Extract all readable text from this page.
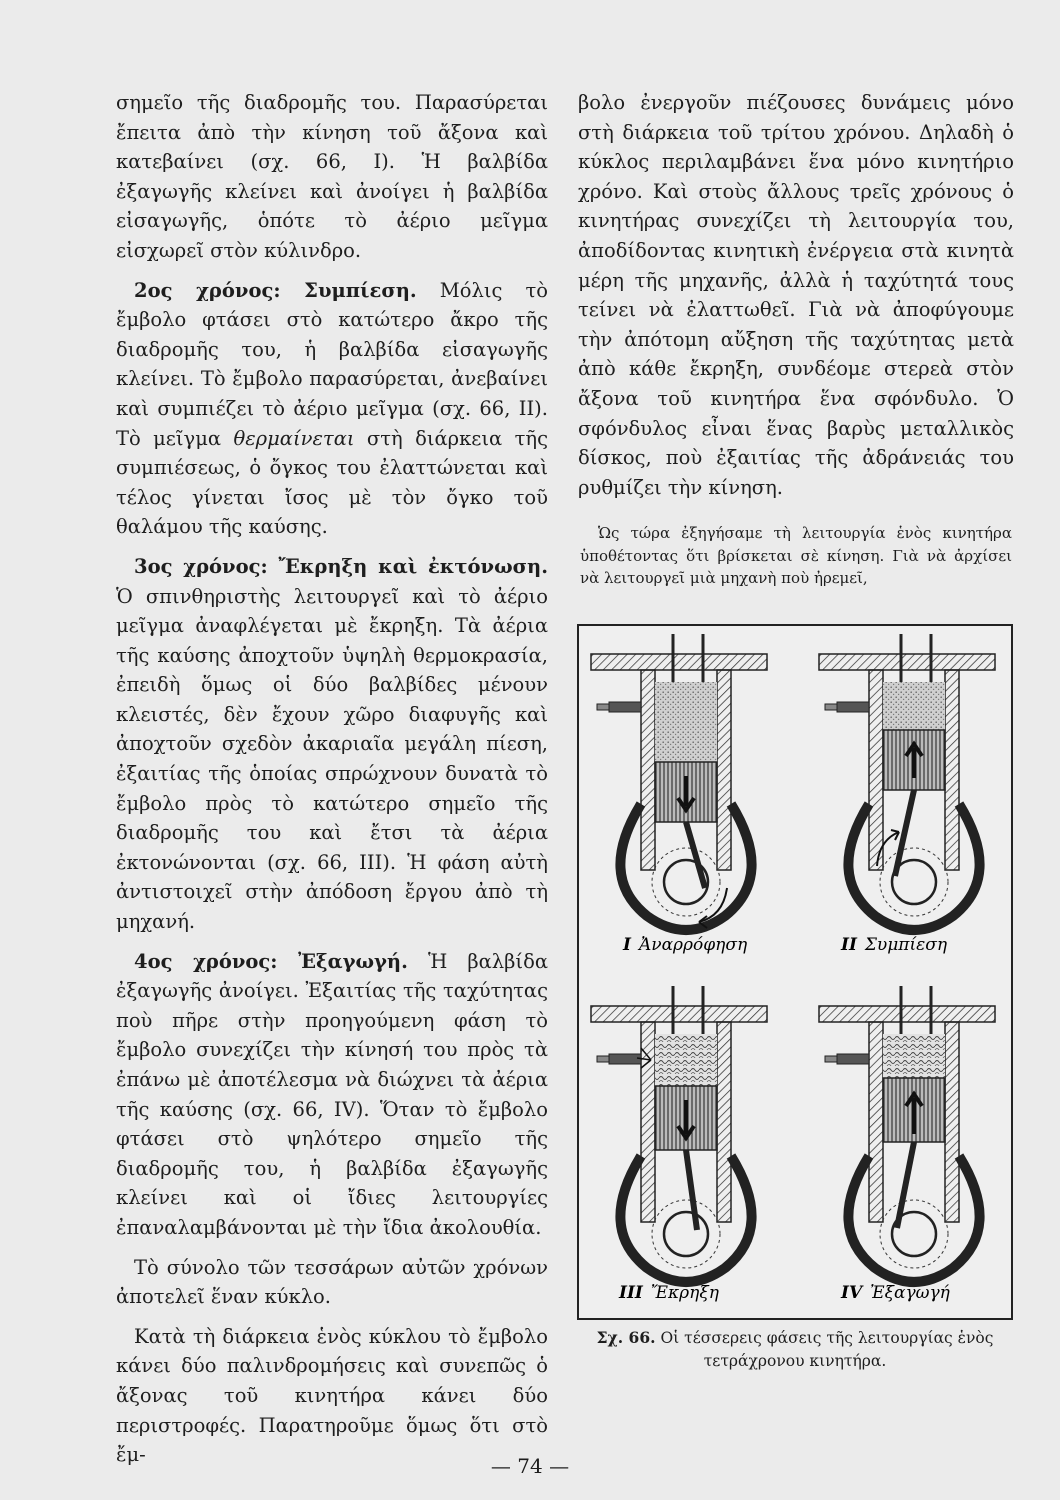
σημεῖο τῆς διαδρομῆς του. Παρασύρεται ἔπειτα ἀπὸ τὴν κίνηση τοῦ ἄξονα καὶ κατεβαίνει (σχ. 66, I). Ἡ βαλβίδα ἐξαγωγῆς κλείνει καὶ ἀνοίγει ἡ βαλβίδα εἰσαγωγῆς, ὁπότε τὸ ἀέριο μεῖγμα εἰσχωρεῖ στὸν κύλινδρο.

2ος χρόνος: Συμπίεση. Μόλις τὸ ἔμβολο φτάσει στὸ κατώτερο ἄκρο τῆς διαδρομῆς του, ἡ βαλβίδα εἰσαγωγῆς κλείνει. Τὸ ἔμβολο παρασύρεται, ἀνεβαίνει καὶ συμπιέζει τὸ ἀέριο μεῖγμα (σχ. 66, II). Τὸ μεῖγμα θερμαίνεται στὴ διάρκεια τῆς συμπιέσεως, ὁ ὄγκος του ἐλαττώνεται καὶ τέλος γίνεται ἴσος μὲ τὸν ὄγκο τοῦ θαλάμου τῆς καύσης.

3ος χρόνος: Ἔκρηξη καὶ ἐκτόνωση. Ὁ σπινθηριστὴς λειτουργεῖ καὶ τὸ ἀέριο μεῖγμα ἀναφλέγεται μὲ ἔκρηξη. Τὰ ἀέρια τῆς καύσης ἀποχτοῦν ὑψηλὴ θερμοκρασία, ἐπειδὴ ὅμως οἱ δύο βαλβίδες μένουν κλειστές, δὲν ἔχουν χῶρο διαφυγῆς καὶ ἀποχτοῦν σχεδὸν ἀκαριαῖα μεγάλη πίεση, ἐξαιτίας τῆς ὁποίας σπρώχνουν δυνατὰ τὸ ἔμβολο πρὸς τὸ κατώτερο σημεῖο τῆς διαδρομῆς του καὶ ἔτσι τὰ ἀέρια ἐκτονώνονται (σχ. 66, III). Ἡ φάση αὐτὴ ἀντιστοιχεῖ στὴν ἀπόδοση ἔργου ἀπὸ τὴ μηχανή.

4ος χρόνος: Ἐξαγωγή. Ἡ βαλβίδα ἐξαγωγῆς ἀνοίγει. Ἐξαιτίας τῆς ταχύτητας ποὺ πῆρε στὴν προηγούμενη φάση τὸ ἔμβολο συνεχίζει τὴν κίνησή του πρὸς τὰ ἐπάνω μὲ ἀποτέλεσμα νὰ διώχνει τὰ ἀέρια τῆς καύσης (σχ. 66, IV). Ὅταν τὸ ἔμβολο φτάσει στὸ ψηλότερο σημεῖο τῆς διαδρομῆς του, ἡ βαλβίδα ἐξαγωγῆς κλείνει καὶ οἱ ἴδιες λειτουργίες ἐπαναλαμβάνονται μὲ τὴν ἴδια ἀκολουθία.

Τὸ σύνολο τῶν τεσσάρων αὐτῶν χρόνων ἀποτελεῖ ἕναν κύκλο.

Κατὰ τὴ διάρκεια ἑνὸς κύκλου τὸ ἔμβολο κάνει δύο παλινδρομήσεις καὶ συνεπῶς ὁ ἄξονας τοῦ κινητήρα κάνει δύο περιστροφές. Παρατηροῦμε ὅμως ὅτι στὸ ἔμ-

βολο ἐνεργοῦν πιέζουσες δυνάμεις μόνο στὴ διάρκεια τοῦ τρίτου χρόνου. Δηλαδὴ ὁ κύκλος περιλαμβάνει ἕνα μόνο κινητήριο χρόνο. Καὶ στοὺς ἄλλους τρεῖς χρόνους ὁ κινητήρας συνεχίζει τὴ λειτουργία του, ἀποδίδοντας κινητικὴ ἐνέργεια στὰ κινητὰ μέρη τῆς μηχανῆς, ἀλλὰ ἡ ταχύτητά τους τείνει νὰ ἐλαττωθεῖ. Γιὰ νὰ ἀποφύγουμε τὴν ἀπότομη αὔξηση τῆς ταχύτητας μετὰ ἀπὸ κάθε ἔκρηξη, συνδέομε στερεὰ στὸν ἄξονα τοῦ κινητήρα ἕνα σφόνδυλο. Ὁ σφόνδυλος εἶναι ἕνας βαρὺς μεταλλικὸς δίσκος, ποὺ ἐξαιτίας τῆς ἀδράνειάς του ρυθμίζει τὴν κίνηση.

Ὡς τώρα ἐξηγήσαμε τὴ λειτουργία ἑνὸς κινητήρα ὑποθέτοντας ὅτι βρίσκεται σὲ κίνηση. Γιὰ νὰ ἀρχίσει νὰ λειτουργεῖ μιὰ μηχανὴ ποὺ ἠρεμεῖ,

I Ἀναρρόφηση	II Συμπίεση
III Ἔκρηξη	IV Ἐξαγωγή
Σχ. 66. Οἱ τέσσερεις φάσεις τῆς λειτουργίας ἑνὸς τετράχρονου κινητήρα.
— 74 —
